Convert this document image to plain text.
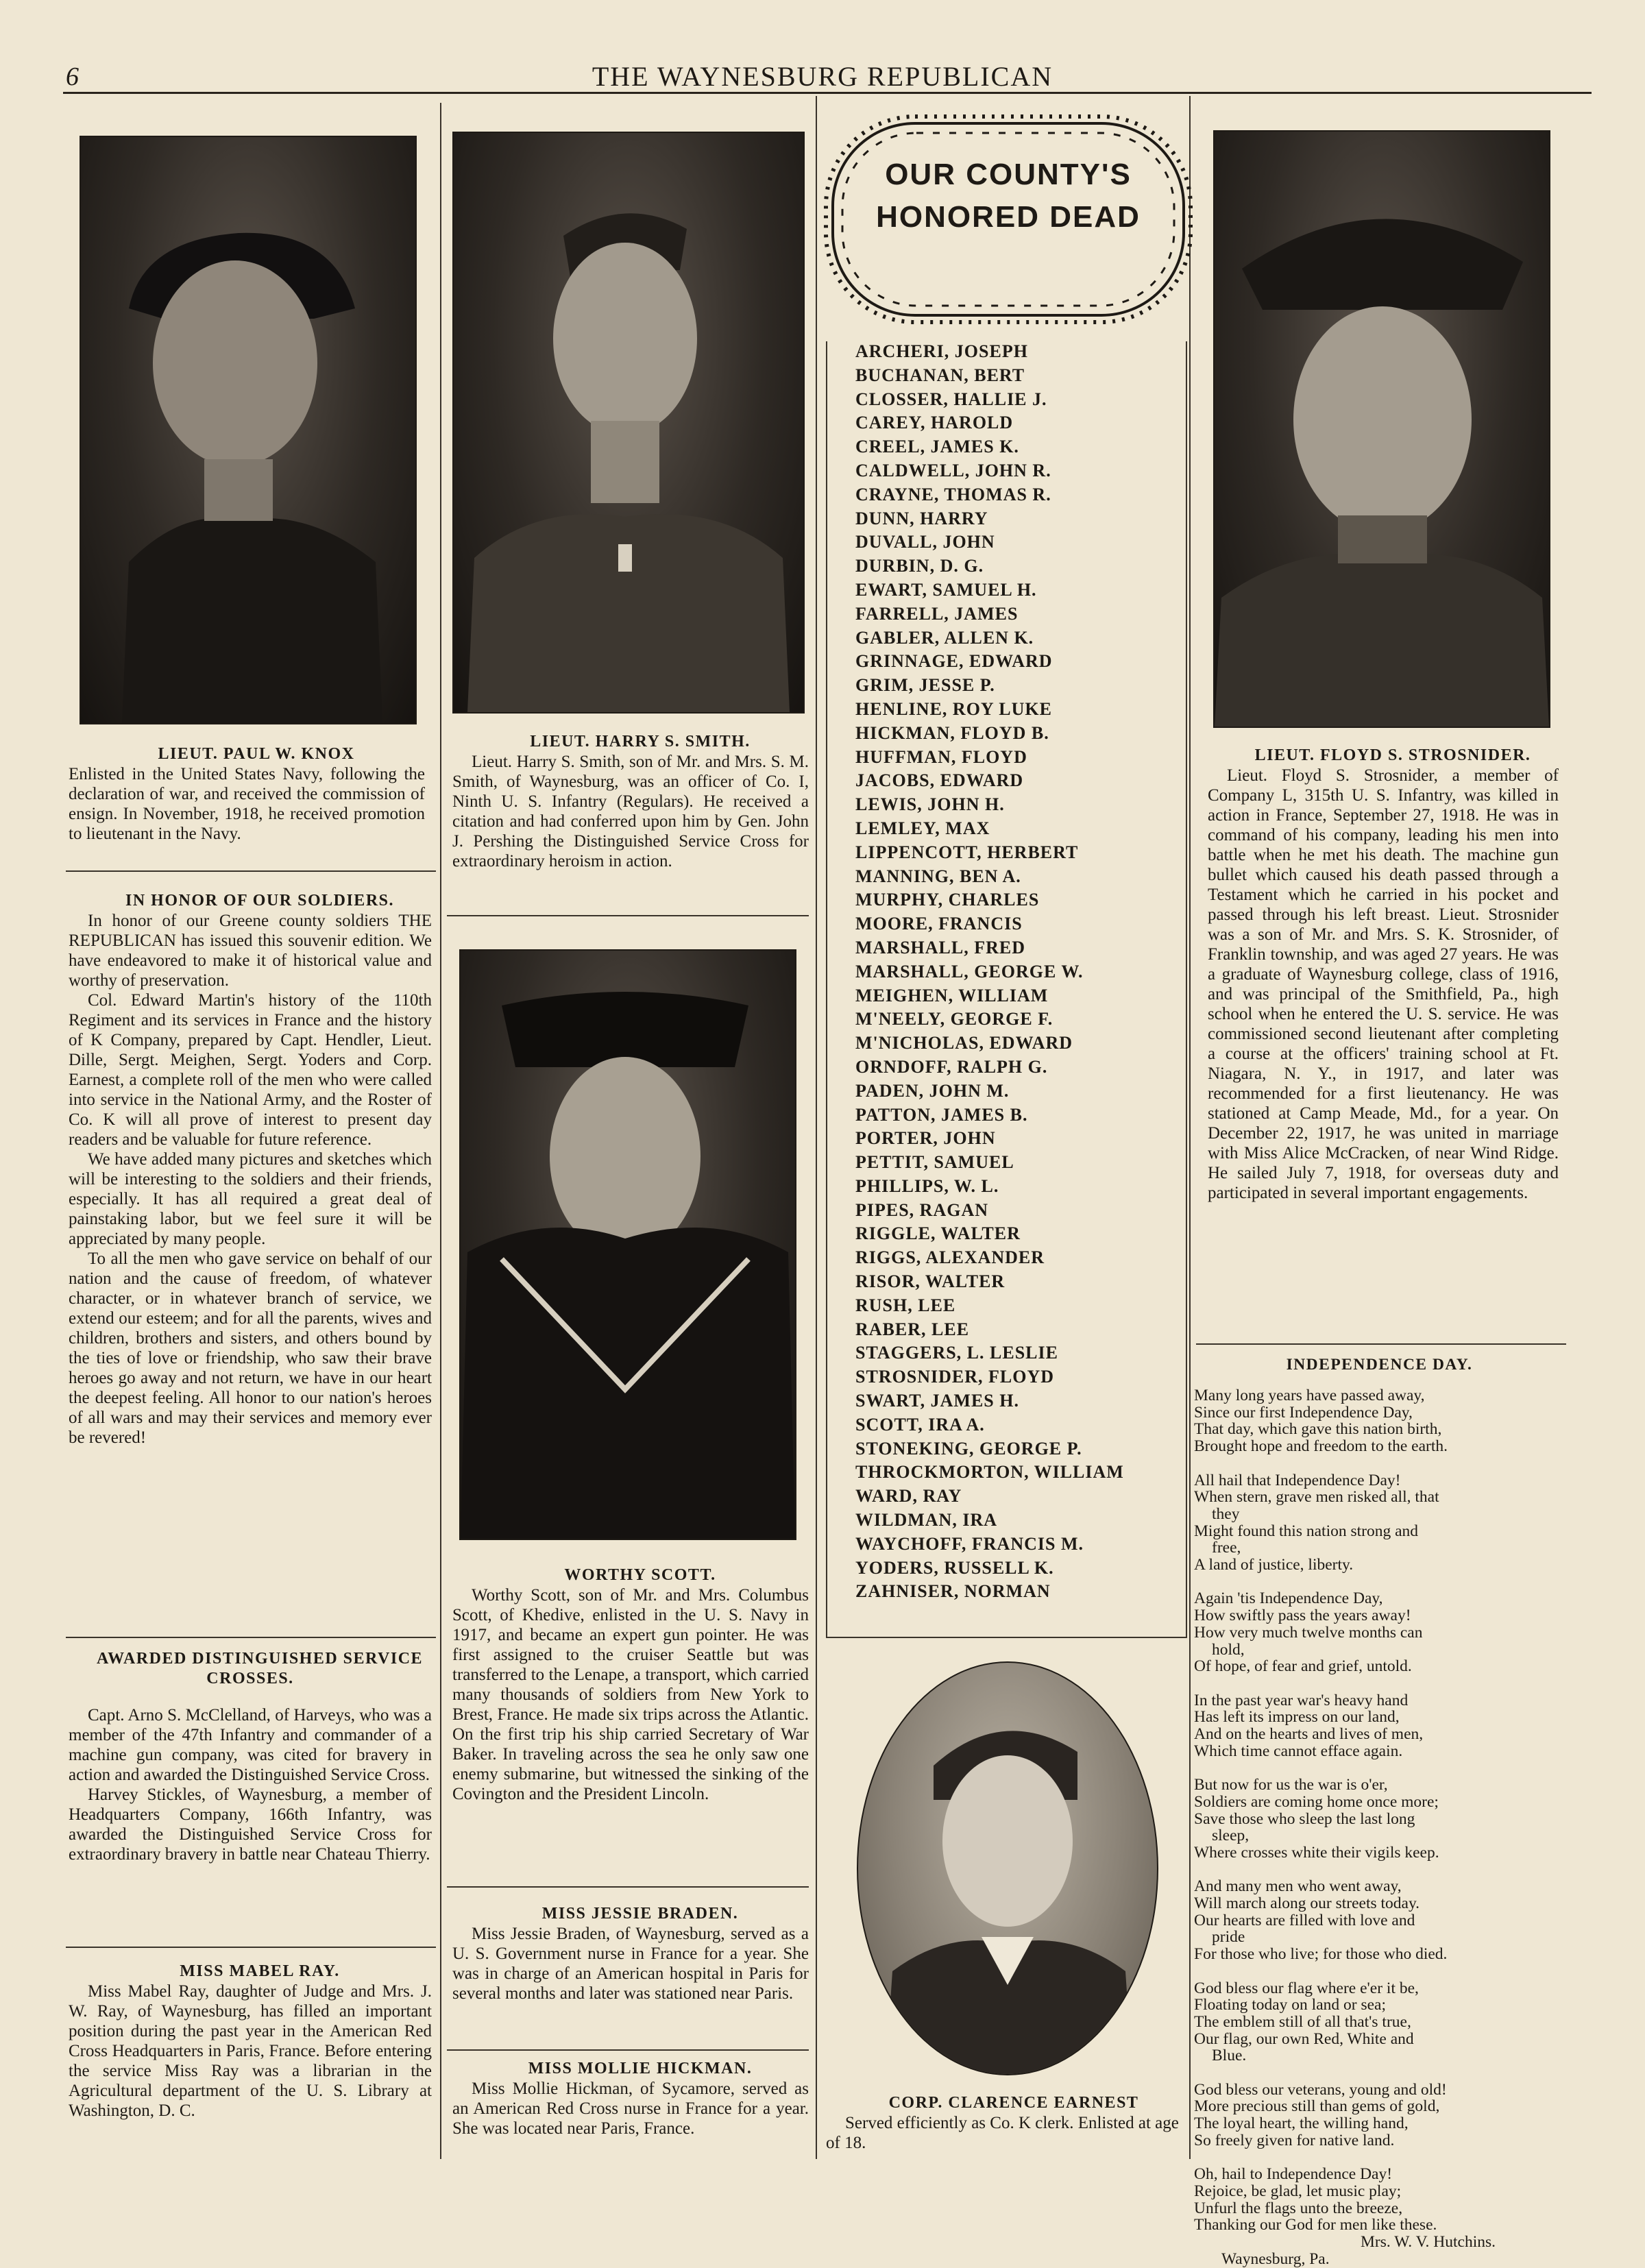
6	THE WAYNESBURG REPUBLICAN

LIEUT. PAUL W. KNOX

Enlisted in the United States Navy, following the declaration of war, and received the commission of ensign. In November, 1918, he received promotion to lieutenant in the Navy.

IN HONOR OF OUR SOLDIERS.

In honor of our Greene county soldiers THE REPUBLICAN has issued this souvenir edition. We have endeavored to make it of historical value and worthy of preservation.

Col. Edward Martin's history of the 110th Regiment and its services in France and the history of K Company, prepared by Capt. Hendler, Lieut. Dille, Sergt. Meighen, Sergt. Yoders and Corp. Earnest, a complete roll of the men who were called into service in the National Army, and the Roster of Co. K will all prove of interest to present day readers and be valuable for future reference.

We have added many pictures and sketches which will be interesting to the soldiers and their friends, especially. It has all required a great deal of painstaking labor, but we feel sure it will be appreciated by many people.

To all the men who gave service on behalf of our nation and the cause of freedom, of whatever character, or in whatever branch of service, we extend our esteem; and for all the parents, wives and children, brothers and sisters, and others bound by the ties of love or friendship, who saw their brave heroes go away and not return, we have in our heart the deepest feeling. All honor to our nation's heroes of all wars and may their services and memory ever be revered!

AWARDED DISTINGUISHED SERVICE CROSSES.

Capt. Arno S. McClelland, of Harveys, who was a member of the 47th Infantry and commander of a machine gun company, was cited for bravery in action and awarded the Distinguished Service Cross.

Harvey Stickles, of Waynesburg, a member of Headquarters Company, 166th Infantry, was awarded the Distinguished Service Cross for extraordinary bravery in battle near Chateau Thierry.

MISS MABEL RAY.

Miss Mabel Ray, daughter of Judge and Mrs. J. W. Ray, of Waynesburg, has filled an important position during the past year in the American Red Cross Headquarters in Paris, France. Before entering the service Miss Ray was a librarian in the Agricultural department of the U. S. Library at Washington, D. C.

LIEUT. HARRY S. SMITH.

Lieut. Harry S. Smith, son of Mr. and Mrs. S. M. Smith, of Waynesburg, was an officer of Co. I, Ninth U. S. Infantry (Regulars). He received a citation and had conferred upon him by Gen. John J. Pershing the Distinguished Service Cross for extraordinary heroism in action.

WORTHY SCOTT.

Worthy Scott, son of Mr. and Mrs. Columbus Scott, of Khedive, enlisted in the U. S. Navy in 1917, and became an expert gun pointer. He was first assigned to the cruiser Seattle but was transferred to the Lenape, a transport, which carried many thousands of soldiers from New York to Brest, France. He made six trips across the Atlantic. On the first trip his ship carried Secretary of War Baker. In traveling across the sea he only saw one enemy submarine, but witnessed the sinking of the Covington and the President Lincoln.

MISS JESSIE BRADEN.

Miss Jessie Braden, of Waynesburg, served as a U. S. Government nurse in France for a year. She was in charge of an American hospital in Paris for several months and later was stationed near Paris.

MISS MOLLIE HICKMAN.

Miss Mollie Hickman, of Sycamore, served as an American Red Cross nurse in France for a year. She was located near Paris, France.

OUR COUNTY'S HONORED DEAD
ARCHERI, JOSEPH
BUCHANAN, BERT
CLOSSER, HALLIE J.
CAREY, HAROLD
CREEL, JAMES K.
CALDWELL, JOHN R.
CRAYNE, THOMAS R.
DUNN, HARRY
DUVALL, JOHN
DURBIN, D. G.
EWART, SAMUEL H.
FARRELL, JAMES
GABLER, ALLEN K.
GRINNAGE, EDWARD
GRIM, JESSE P.
HENLINE, ROY LUKE
HICKMAN, FLOYD B.
HUFFMAN, FLOYD
JACOBS, EDWARD
LEWIS, JOHN H.
LEMLEY, MAX
LIPPENCOTT, HERBERT
MANNING, BEN A.
MURPHY, CHARLES
MOORE, FRANCIS
MARSHALL, FRED
MARSHALL, GEORGE W.
MEIGHEN, WILLIAM
M'NEELY, GEORGE F.
M'NICHOLAS, EDWARD
ORNDOFF, RALPH G.
PADEN, JOHN M.
PATTON, JAMES B.
PORTER, JOHN
PETTIT, SAMUEL
PHILLIPS, W. L.
PIPES, RAGAN
RIGGLE, WALTER
RIGGS, ALEXANDER
RISOR, WALTER
RUSH, LEE
RABER, LEE
STAGGERS, L. LESLIE
STROSNIDER, FLOYD
SWART, JAMES H.
SCOTT, IRA A.
STONEKING, GEORGE P.
THROCKMORTON, WILLIAM
WARD, RAY
WILDMAN, IRA
WAYCHOFF, FRANCIS M.
YODERS, RUSSELL K.
ZAHNISER, NORMAN

CORP. CLARENCE EARNEST

Served efficiently as Co. K clerk. Enlisted at age of 18.

LIEUT. FLOYD S. STROSNIDER.

Lieut. Floyd S. Strosnider, a member of Company L, 315th U. S. Infantry, was killed in action in France, September 27, 1918. He was in command of his company, leading his men into battle when he met his death. The machine gun bullet which caused his death passed through a Testament which he carried in his pocket and passed through his left breast. Lieut. Strosnider was a son of Mr. and Mrs. S. K. Strosnider, of Franklin township, and was aged 27 years. He was a graduate of Waynesburg college, class of 1916, and was principal of the Smithfield, Pa., high school when he entered the U. S. service. He was commissioned second lieutenant after completing a course at the officers' training school at Ft. Niagara, N. Y., in 1917, and later was recommended for a first lieutenancy. He was stationed at Camp Meade, Md., for a year. On December 22, 1917, he was united in marriage with Miss Alice McCracken, of near Wind Ridge. He sailed July 7, 1918, for overseas duty and participated in several important engagements.

INDEPENDENCE DAY.
Many long years have passed away,
Since our first Independence Day,
That day, which gave this nation birth,
Brought hope and freedom to the earth.
All hail that Independence Day!
When stern, grave men risked all, that
they
Might found this nation strong and
free,
A land of justice, liberty.
Again 'tis Independence Day,
How swiftly pass the years away!
How very much twelve months can
hold,
Of hope, of fear and grief, untold.
In the past year war's heavy hand
Has left its impress on our land,
And on the hearts and lives of men,
Which time cannot efface again.
But now for us the war is o'er,
Soldiers are coming home once more;
Save those who sleep the last long
sleep,
Where crosses white their vigils keep.
And many men who went away,
Will march along our streets today.
Our hearts are filled with love and
pride
For those who live; for those who died.
God bless our flag where e'er it be,
Floating today on land or sea;
The emblem still of all that's true,
Our flag, our own Red, White and
Blue.
God bless our veterans, young and old!
More precious still than gems of gold,
The loyal heart, the willing hand,
So freely given for native land.
Oh, hail to Independence Day!
Rejoice, be glad, let music play;
Unfurl the flags unto the breeze,
Thanking our God for men like these.
Mrs. W. V. Hutchins.
Waynesburg, Pa.
